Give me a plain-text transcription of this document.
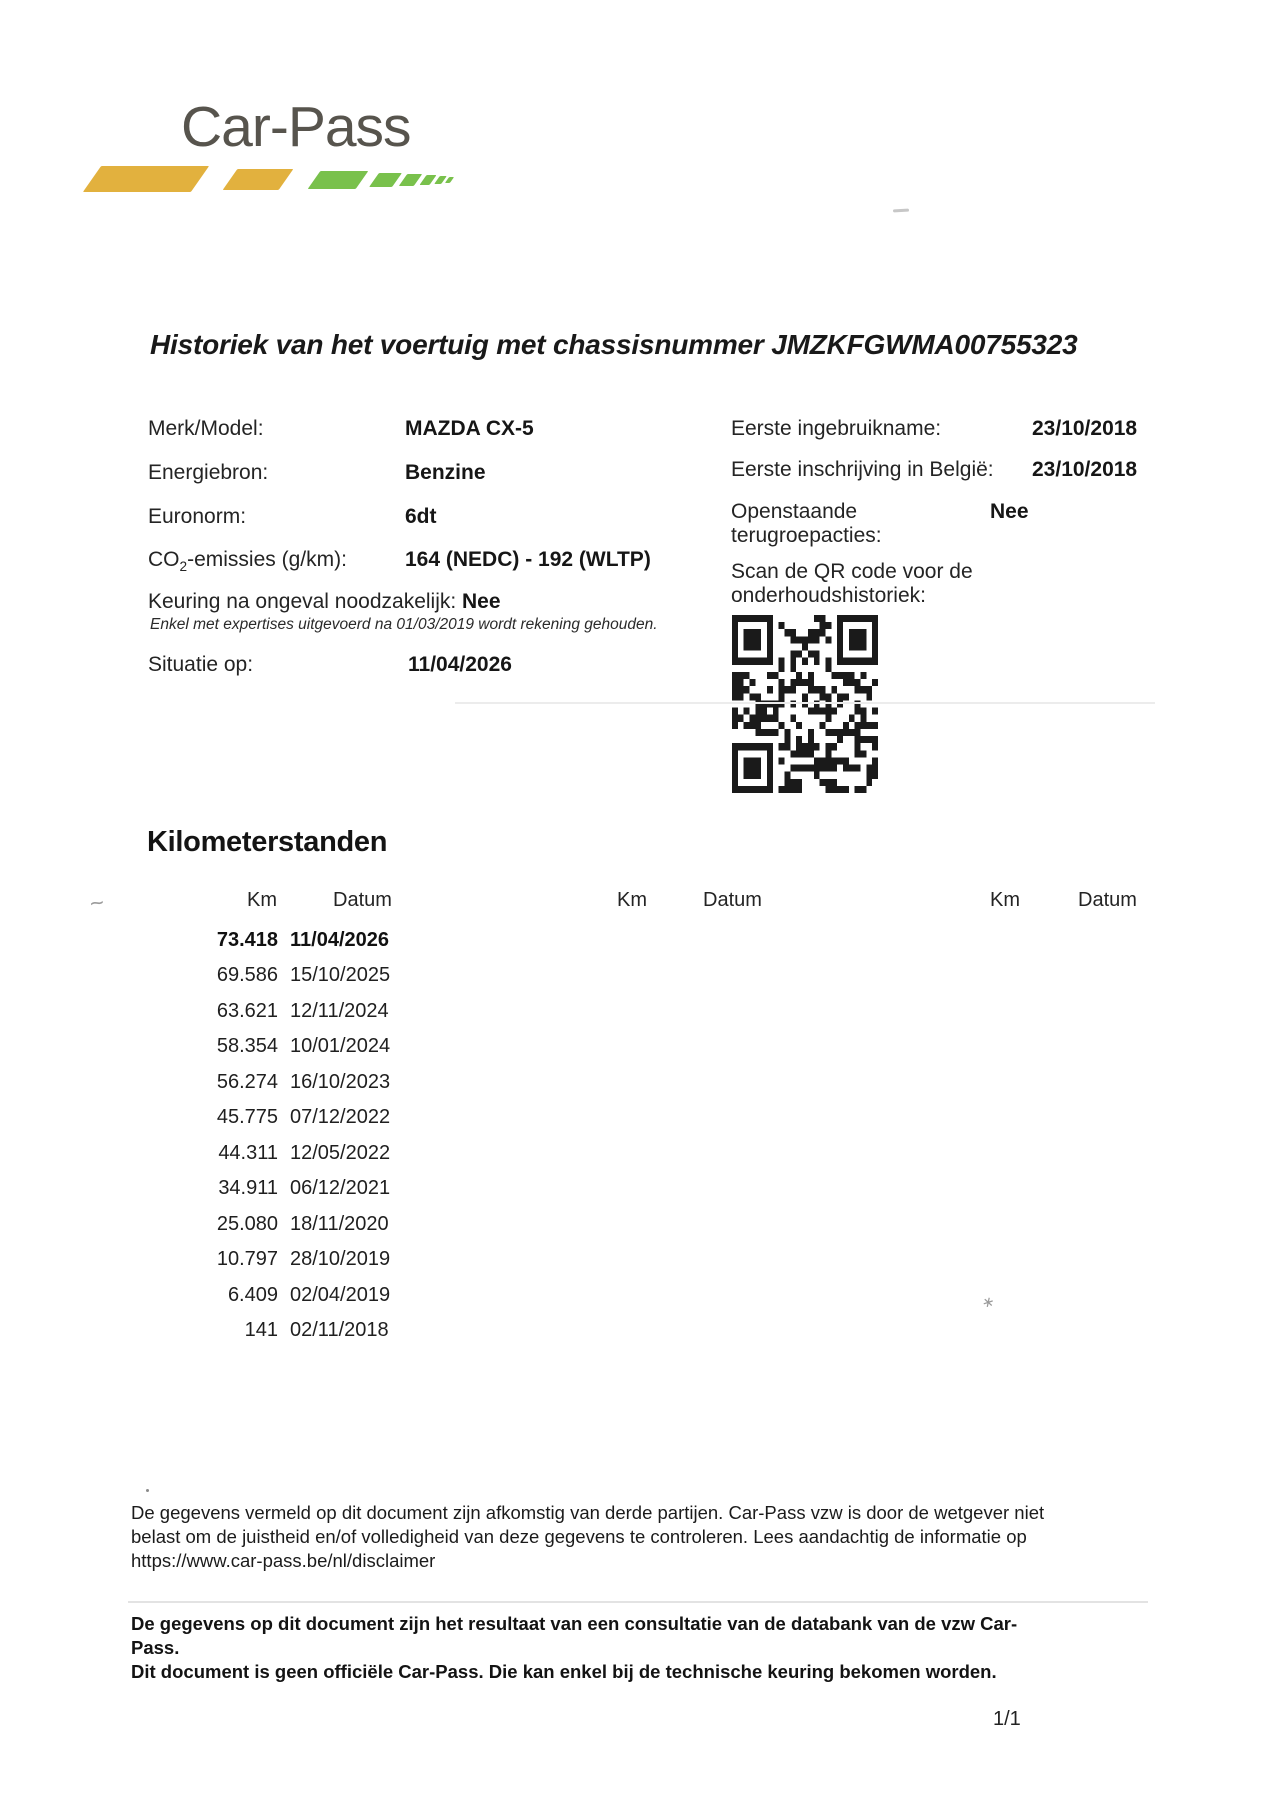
Car-Pass
Historiek van het voertuig met chassisnummer JMZKFGWMA00755323
Merk/Model:	MAZDA CX-5
Energiebron:	Benzine
Euronorm:	6dt
$CO_2$-emissies (g/km):	164 (NEDC) - 192 (WLTP)
Keuring na ongeval noodzakelijk: Nee
Enkel met expertises uitgevoerd na 01/03/2019 wordt rekening gehouden.
Situatie op:	11/04/2026
Eerste ingebruikname:	23/10/2018
Eerste inschrijving in België: 23/10/2018
Openstaande
terugroepacties:
Nee
Scan de QR code voor de
onderhoudshistoriek:
Kilometerstanden
Km	Datum	Km	Datum	Km	Datum
73.418 11/04/2026
69.586 15/10/2025
63.621 12/11/2024
58.354 10/01/2024
56.274 16/10/2023
45.775 07/12/2022
44.311 12/05/2022
34.911 06/12/2021
25.080 18/11/2020
10.797 28/10/2019
6.409 02/04/2019
141 02/11/2018
De gegevens vermeld op dit document zijn afkomstig van derde partijen. Car-Pass vzw is door de wetgever niet
belast om de juistheid en/of volledigheid van deze gegevens te controleren. Lees aandachtig de informatie op
https://www.car-pass.be/nl/disclaimer
De gegevens op dit document zijn het resultaat van een consultatie van de databank van de vzw Car-Pass.
Dit document is geen officiële Car-Pass. Die kan enkel bij de technische keuring bekomen worden.
1/1
~
∗
